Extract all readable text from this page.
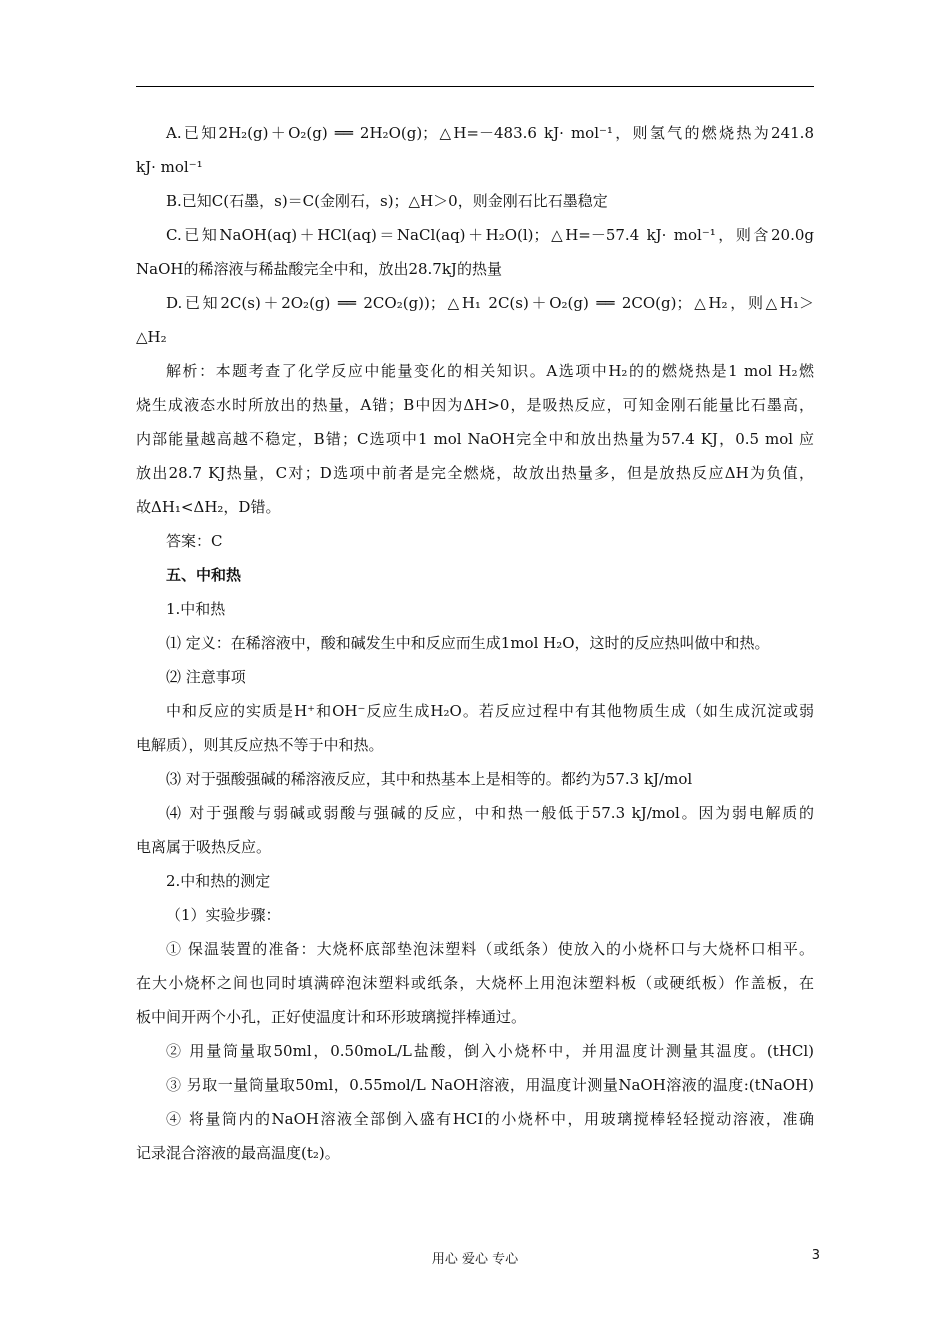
A.已知2H₂(g)＋O₂(g) ══ 2H₂O(g)；△H=－483.6 kJ· mol⁻¹，则氢气的燃烧热为241.8
kJ· mol⁻¹
B.已知C(石墨，s)＝C(金刚石，s)；△H＞0，则金刚石比石墨稳定
C.已知NaOH(aq)＋HCl(aq)＝NaCl(aq)＋H₂O(l)；△H=－57.4 kJ· mol⁻¹，则含20.0g
NaOH的稀溶液与稀盐酸完全中和，放出28.7kJ的热量
D.已知2C(s)＋2O₂(g) ══ 2CO₂(g))；△H₁ 2C(s)＋O₂(g) ══ 2CO(g)；△H₂，则△H₁＞
△H₂
解析：本题考查了化学反应中能量变化的相关知识。A选项中H₂的的燃烧热是1 mol H₂燃
烧生成液态水时所放出的热量，A错；B中因为ΔH>0，是吸热反应，可知金刚石能量比石墨高，
内部能量越高越不稳定，B错；C选项中1 mol NaOH完全中和放出热量为57.4 KJ，0.5 mol 应
放出28.7 KJ热量，C对；D选项中前者是完全燃烧，故放出热量多，但是放热反应ΔH为负值，
故ΔH₁<ΔH₂，D错。
答案：C
五、中和热
1.中和热
⑴ 定义：在稀溶液中，酸和碱发生中和反应而生成1mol H₂O，这时的反应热叫做中和热。
⑵ 注意事项
中和反应的实质是H⁺和OH⁻反应生成H₂O。若反应过程中有其他物质生成（如生成沉淀或弱
电解质），则其反应热不等于中和热。
⑶ 对于强酸强碱的稀溶液反应，其中和热基本上是相等的。都约为57.3 kJ/mol
⑷ 对于强酸与弱碱或弱酸与强碱的反应，中和热一般低于57.3 kJ/mol。因为弱电解质的
电离属于吸热反应。
2.中和热的测定
（1）实验步骤：
① 保温装置的准备：大烧杯底部垫泡沫塑料（或纸条）使放入的小烧杯口与大烧杯口相平。
在大小烧杯之间也同时填满碎泡沫塑料或纸条，大烧杯上用泡沫塑料板（或硬纸板）作盖板，在
板中间开两个小孔，正好使温度计和环形玻璃搅拌棒通过。
② 用量筒量取50ml，0.50moL/L盐酸，倒入小烧杯中，并用温度计测量其温度。(tHCl)
③ 另取一量筒量取50ml，0.55mol/L NaOH溶液，用温度计测量NaOH溶液的温度:(tNaOH)
④ 将量筒内的NaOH溶液全部倒入盛有HCI的小烧杯中，用玻璃搅棒轻轻搅动溶液，准确
记录混合溶液的最高温度(t₂)。
用心 爱心 专心	3
